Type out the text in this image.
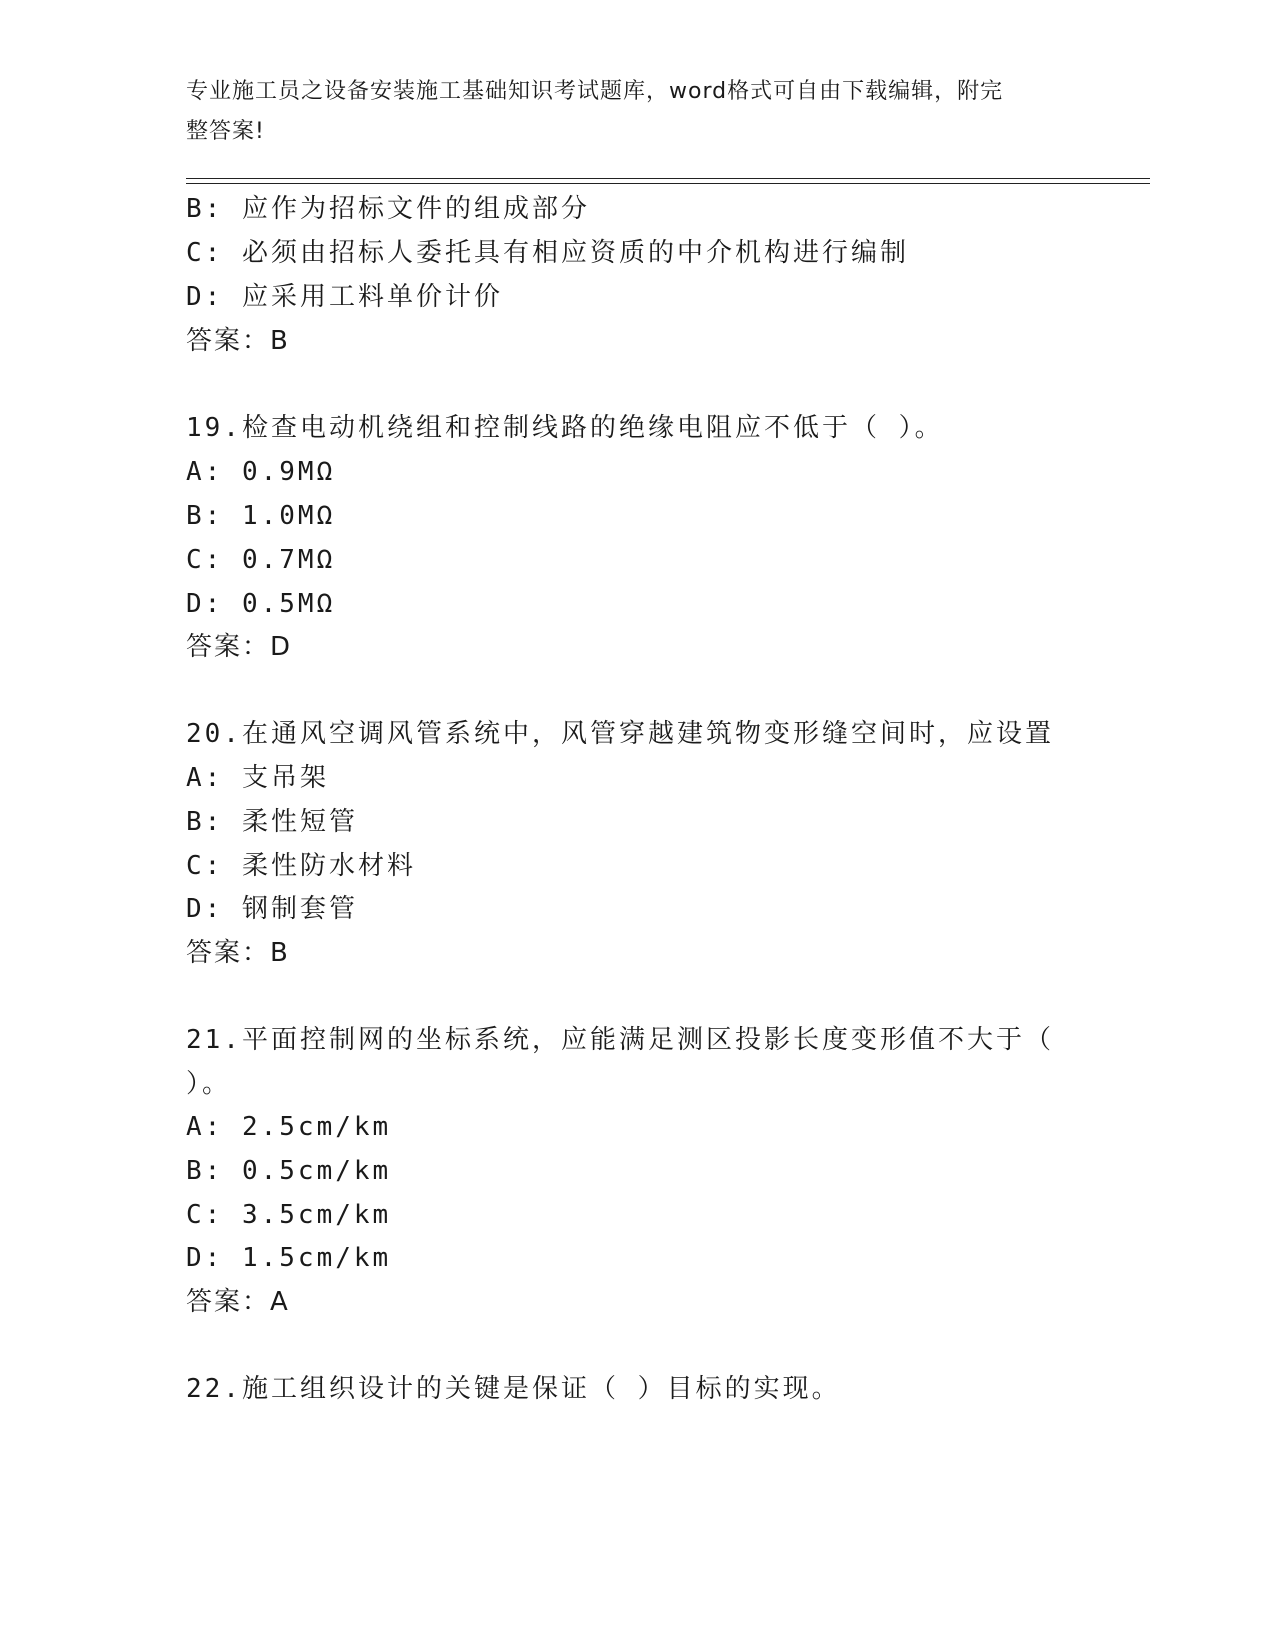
专业施工员之设备安装施工基础知识考试题库，word格式可自由下载编辑，附完
整答案!
B: 应作为招标文件的组成部分
C: 必须由招标人委托具有相应资质的中介机构进行编制
D: 应采用工料单价计价
答案：B
19.检查电动机绕组和控制线路的绝缘电阻应不低于（ ）。
A: 0.9MΩ
B: 1.0MΩ
C: 0.7MΩ
D: 0.5MΩ
答案：D
20.在通风空调风管系统中，风管穿越建筑物变形缝空间时，应设置
A: 支吊架
B: 柔性短管
C: 柔性防水材料
D: 钢制套管
答案：B
21.平面控制网的坐标系统，应能满足测区投影长度变形值不大于（
）。
A: 2.5cm/km
B: 0.5cm/km
C: 3.5cm/km
D: 1.5cm/km
答案：A
22.施工组织设计的关键是保证（ ）目标的实现。
